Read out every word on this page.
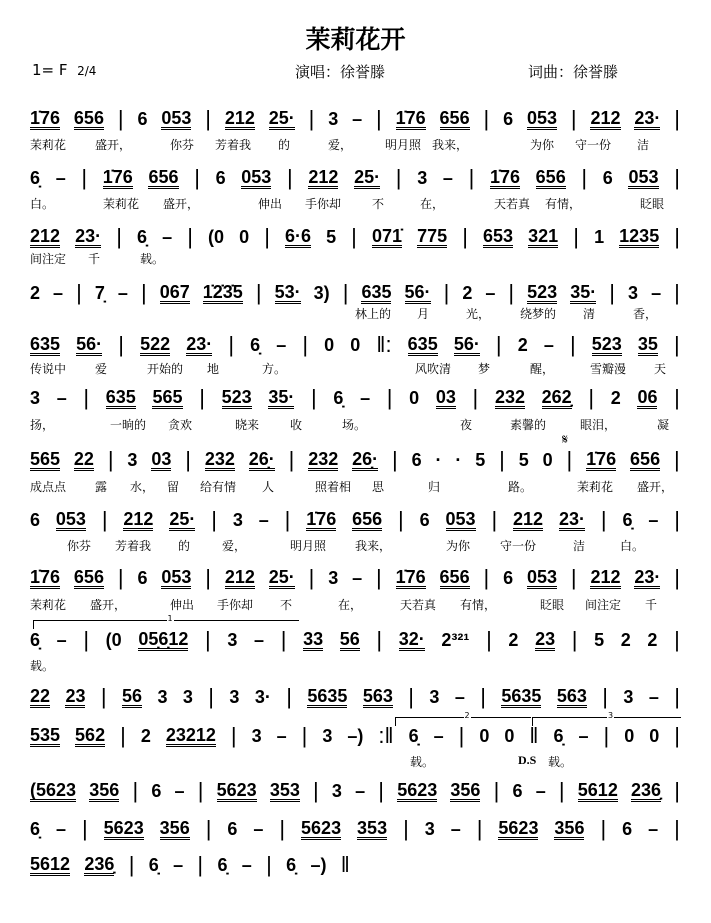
茉莉花开
1= F 2/4	演唱：徐誉滕	词曲：徐誉滕
1
2	3
𝄋
1̇76 656 | 6 053 | 212 25· | 3 – | 1̇76 656 | 6 053 | 212 23· |
茉莉花 盛开，	你芬 芳着我 的	爱，	明月照 我来，	为你 守一份 洁
6̣ – | 1̇76 656 | 6 053 | 212 25· | 3 – | 1̇76 656 | 6 053 |
白。	茉莉花 盛开，	伸出 手你却	不	在，	天若真 有情，	眨眼
212 23· | 6̣ – | (0 0 | 6·6 5 | 071̇ 775 | 653 321 | 1 1235 |
间注定 千	载。
2 – | 7̣ – | 067 1̇2̇3̇5 | 53· 3) | 635 56· | 2 – | 523 35· | 3 – |
林上的 月	光， 绕梦的 清	香，
635 56· | 522 23· | 6̣ – | 0 0 ‖: 635 56· | 2 – | 523 35 |
传说中 爱	开始的 地	方。	风吹清 梦	醒，	雪瓣漫 天
3 – | 635 565 | 523 35· | 6̣ – | 0 03 | 232 262̣ | 2 06 |
扬，	一晌的 贪欢	晓来	收	场。	夜	素馨的	眼泪，	凝
565 22 | 3 03 | 232 26̣· | 232 26̣· | 6 · · 5 | 5 0 | 1̇76 656 |
成点点 露 水， 留 给有情 人	照着相 思	归	路。	茉莉花 盛开，
6 053 | 212 25· | 3 – | 1̇76 656 | 6 053 | 212 23· | 6̣ – |
你芬 芳着我 的	爱，	明月照 我来，	为你 守一份	洁	白。
1̇76 656 | 6 053 | 212 25· | 3 – | 1̇76 656 | 6 053 | 212 23· |
茉莉花 盛开，	伸出 手你却 不	在，	天若真 有情，	眨眼 间注定 千
6̣ – | (0 05̣6̣12 | 3 – | 33 56 | 32· 2³²¹ | 2 23 | 5 2 2 |
载。
22 23 | 56 3 3 | 3 3· | 5635 563 | 3 – | 5635 563 | 3 – |
535 562 | 2 23212 | 3 – | 3 –) :‖ 6̣ – | 0 0 ‖ 6̣ – | 0 0 |
载。	D.S 载。
(5623 356 | 6 – | 5623 353 | 3 – | 5623 356 | 6 – | 5612 236̣ |
6̣ – | 5623 356 | 6 – | 5623 353 | 3 – | 5623 356 | 6 – |
5612 236̣ | 6̣ – | 6̣ – | 6̣ –) ‖
